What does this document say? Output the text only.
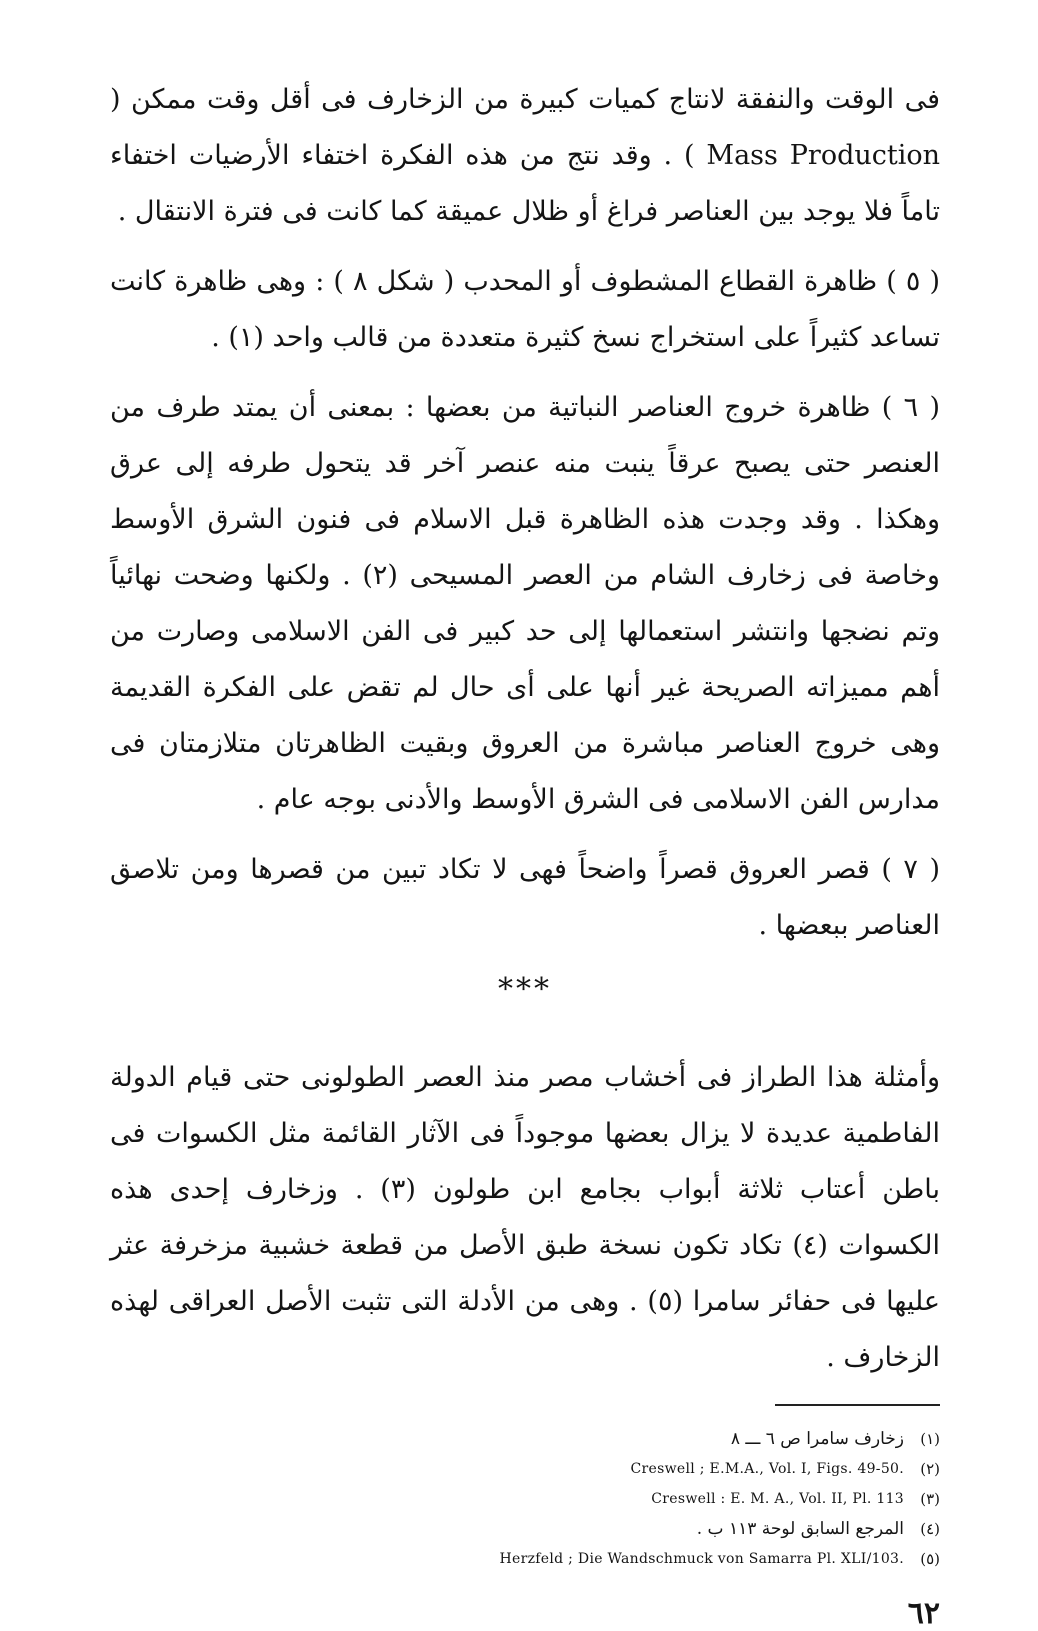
فى الوقت والنفقة لانتاج كميات كبيرة من الزخارف فى أقل وقت ممكن ( Mass Production ) . وقد نتج من هذه الفكرة اختفاء الأرضيات اختفاء تاماً فلا يوجد بين العناصر فراغ أو ظلال عميقة كما كانت فى فترة الانتقال .

( ٥ ) ظاهرة القطاع المشطوف أو المحدب ( شكل ٨ ) : وهى ظاهرة كانت تساعد كثيراً على استخراج نسخ كثيرة متعددة من قالب واحد (١) .

( ٦ ) ظاهرة خروج العناصر النباتية من بعضها : بمعنى أن يمتد طرف من العنصر حتى يصبح عرقاً ينبت منه عنصر آخر قد يتحول طرفه إلى عرق وهكذا . وقد وجدت هذه الظاهرة قبل الاسلام فى فنون الشرق الأوسط وخاصة فى زخارف الشام من العصر المسيحى (٢) . ولكنها وضحت نهائياً وتم نضجها وانتشر استعمالها إلى حد كبير فى الفن الاسلامى وصارت من أهم مميزاته الصريحة غير أنها على أى حال لم تقض على الفكرة القديمة وهى خروج العناصر مباشرة من العروق وبقيت الظاهرتان متلازمتان فى مدارس الفن الاسلامى فى الشرق الأوسط والأدنى بوجه عام .

( ٧ ) قصر العروق قصراً واضحاً فهى لا تكاد تبين من قصرها ومن تلاصق العناصر ببعضها .

***

وأمثلة هذا الطراز فى أخشاب مصر منذ العصر الطولونى حتى قيام الدولة الفاطمية عديدة لا يزال بعضها موجوداً فى الآثار القائمة مثل الكسوات فى باطن أعتاب ثلاثة أبواب بجامع ابن طولون (٣) . وزخارف إحدى هذه الكسوات (٤) تكاد تكون نسخة طبق الأصل من قطعة خشبية مزخرفة عثر عليها فى حفائر سامرا (٥) . وهى من الأدلة التى تثبت الأصل العراقى لهذه الزخارف .

(١)
زخارف سامرا ص ٦ ـــ ٨
(٢)
Creswell ; E.M.A., Vol. I, Figs. 49-50.
(٣)
Creswell : E. M. A., Vol. II, Pl. 113
(٤)
المرجع السابق لوحة ١١٣ ب .
(٥)
Herzfeld ; Die Wandschmuck von Samarra Pl. XLI/103.
٦٢
